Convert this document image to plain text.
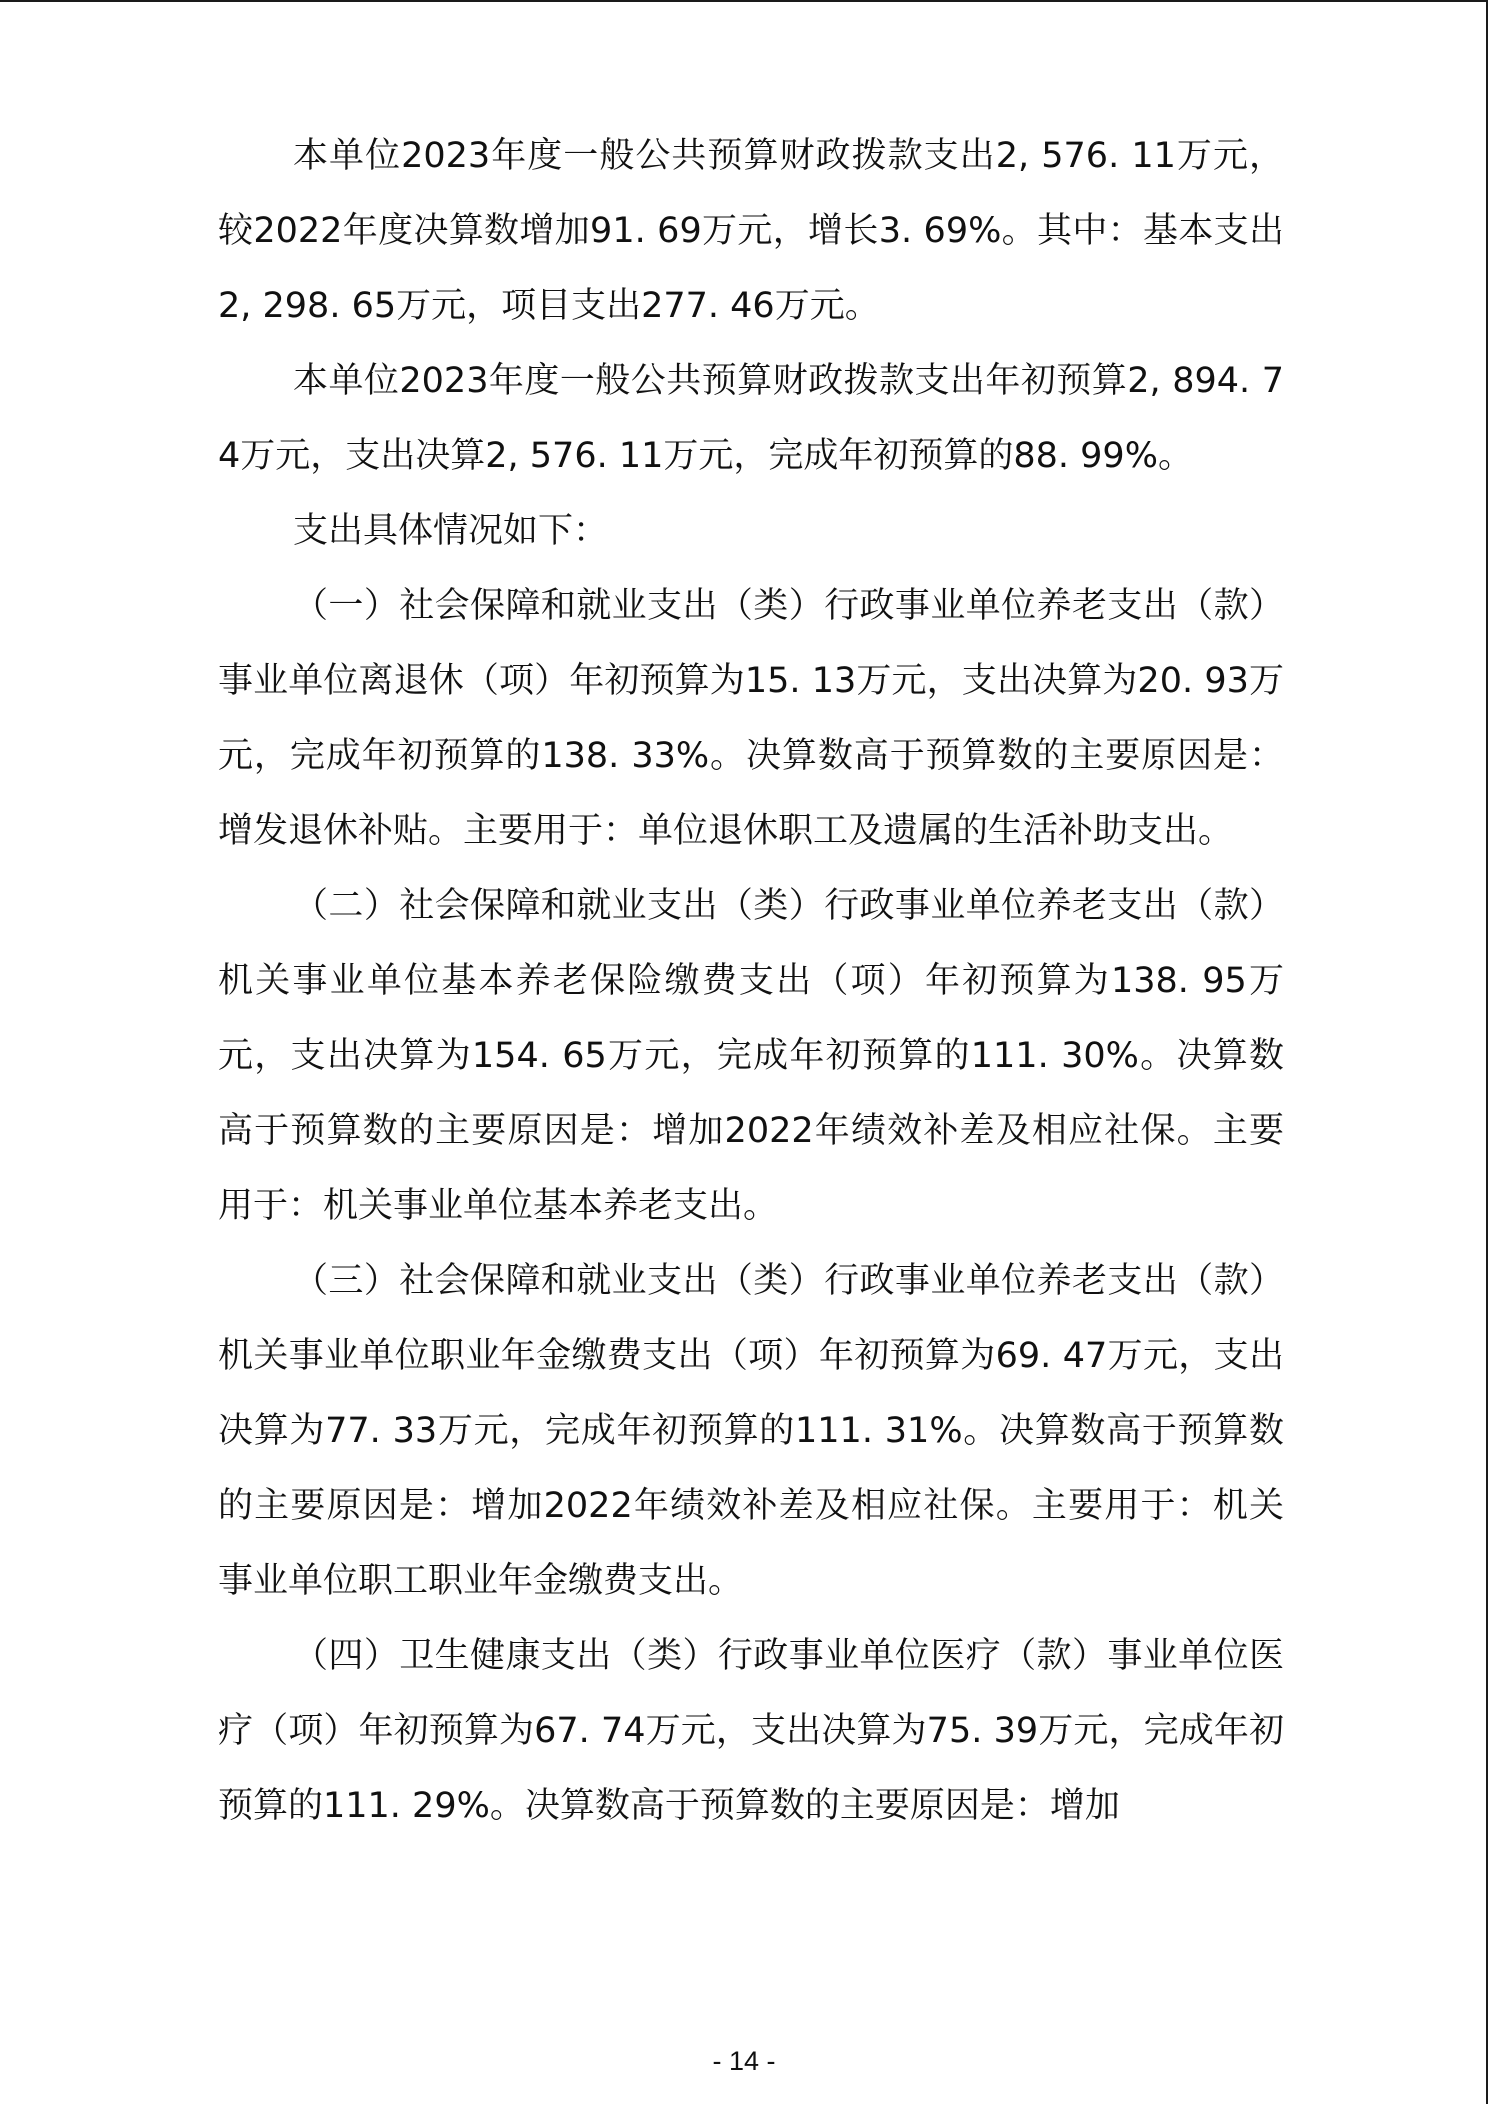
本单位2023年度一般公共预算财政拨款支出2, 576. 11万元，较2022年度决算数增加91. 69万元，增长3. 69%。其中：基本支出2, 298. 65万元，项目支出277. 46万元。

本单位2023年度一般公共预算财政拨款支出年初预算2, 894. 74万元，支出决算2, 576. 11万元，完成年初预算的88. 99%。

支出具体情况如下：

（一）社会保障和就业支出（类）行政事业单位养老支出（款）事业单位离退休（项）年初预算为15. 13万元，支出决算为20. 93万元，完成年初预算的138. 33%。决算数高于预算数的主要原因是：增发退休补贴。主要用于：单位退休职工及遗属的生活补助支出。

（二）社会保障和就业支出（类）行政事业单位养老支出（款）机关事业单位基本养老保险缴费支出（项）年初预算为138. 95万元，支出决算为154. 65万元，完成年初预算的111. 30%。决算数高于预算数的主要原因是：增加2022年绩效补差及相应社保。主要用于：机关事业单位基本养老支出。

（三）社会保障和就业支出（类）行政事业单位养老支出（款）机关事业单位职业年金缴费支出（项）年初预算为69. 47万元，支出决算为77. 33万元，完成年初预算的111. 31%。决算数高于预算数的主要原因是：增加2022年绩效补差及相应社保。主要用于：机关事业单位职工职业年金缴费支出。

（四）卫生健康支出（类）行政事业单位医疗（款）事业单位医疗（项）年初预算为67. 74万元，支出决算为75. 39万元，完成年初预算的111. 29%。决算数高于预算数的主要原因是：增加

- 14 -
